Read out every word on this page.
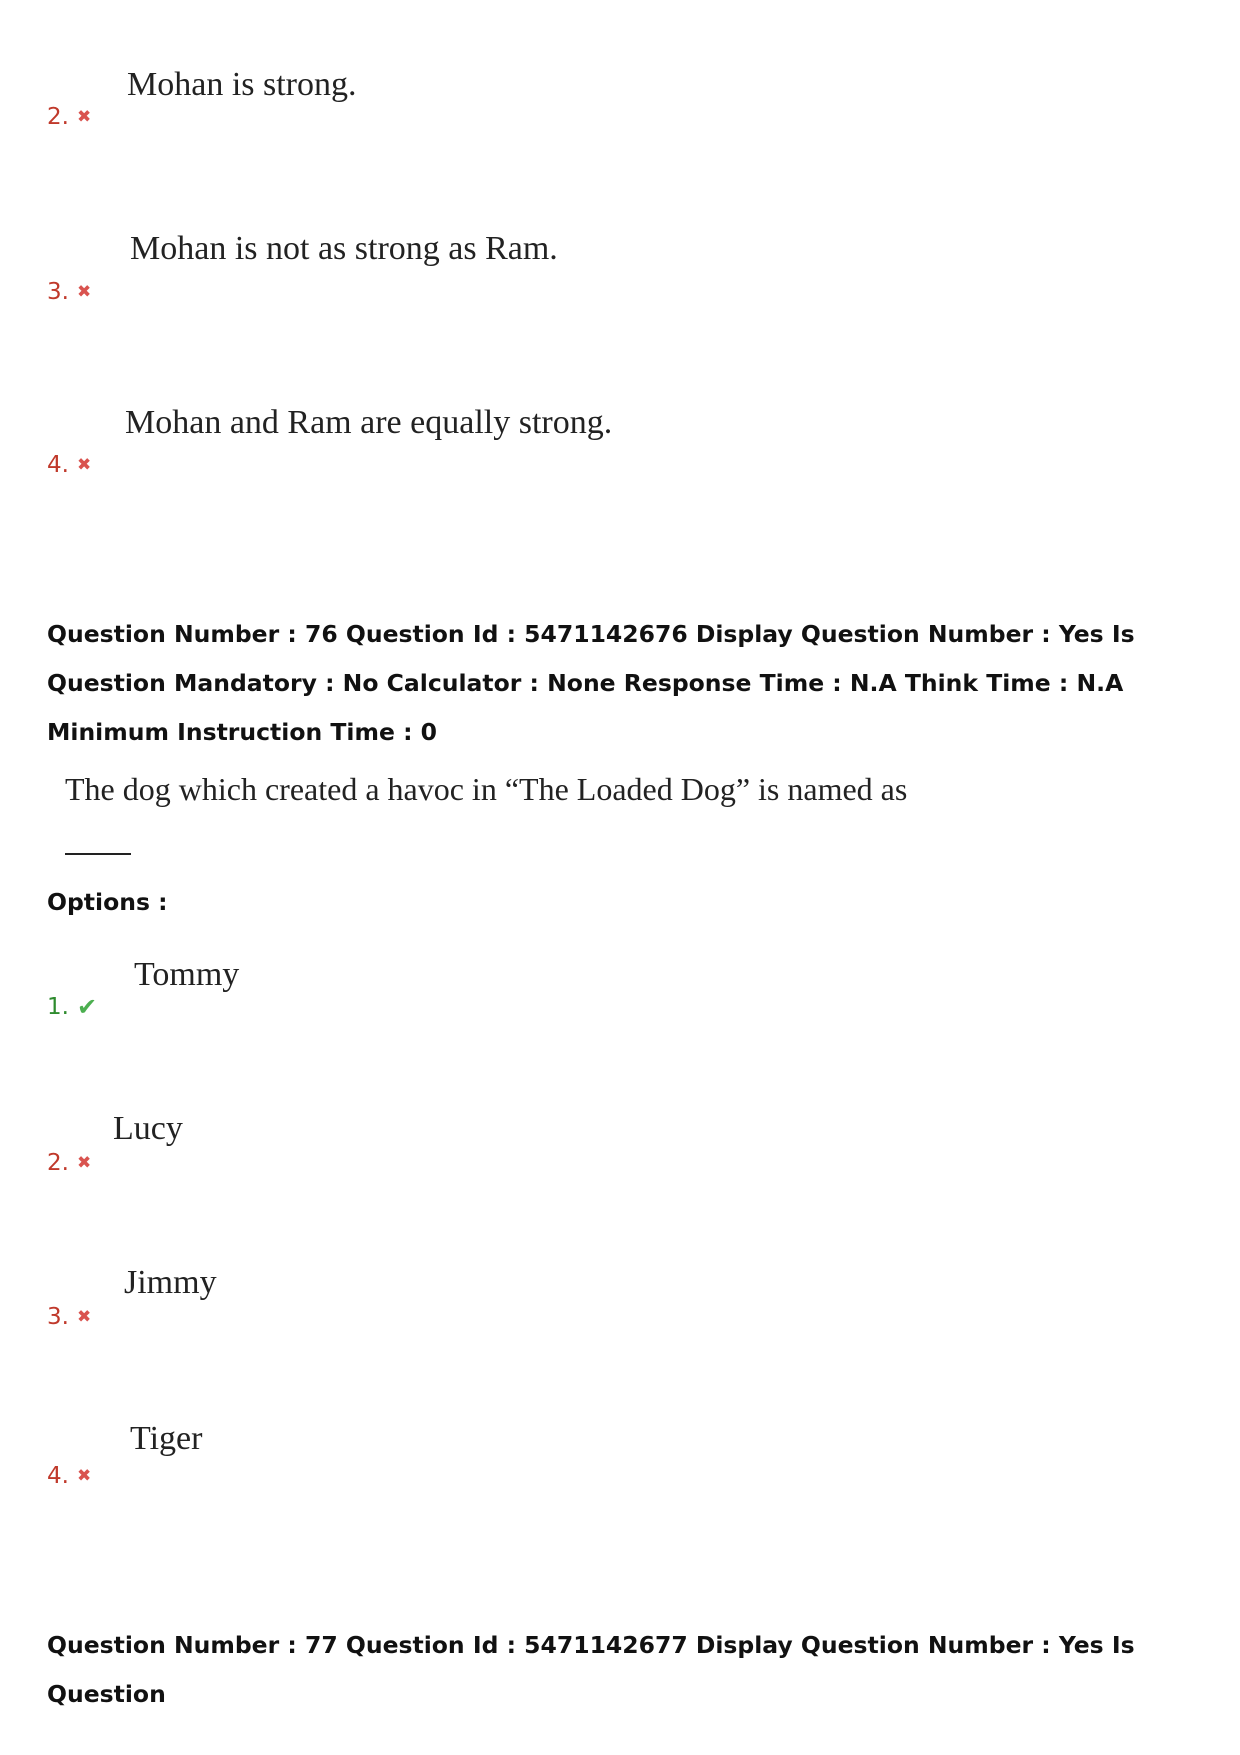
Mohan is strong.
2. ✖
Mohan is not as strong as Ram.
3. ✖
Mohan and Ram are equally strong.
4. ✖
Question Number : 76 Question Id : 5471142676 Display Question Number : Yes Is Question Mandatory : No Calculator : None Response Time : N.A Think Time : N.A Minimum Instruction Time : 0
The dog which created a havoc in “The Loaded Dog” is named as
Options :
Tommy
1. ✔
Lucy
2. ✖
Jimmy
3. ✖
Tiger
4. ✖
Question Number : 77 Question Id : 5471142677 Display Question Number : Yes Is Question
